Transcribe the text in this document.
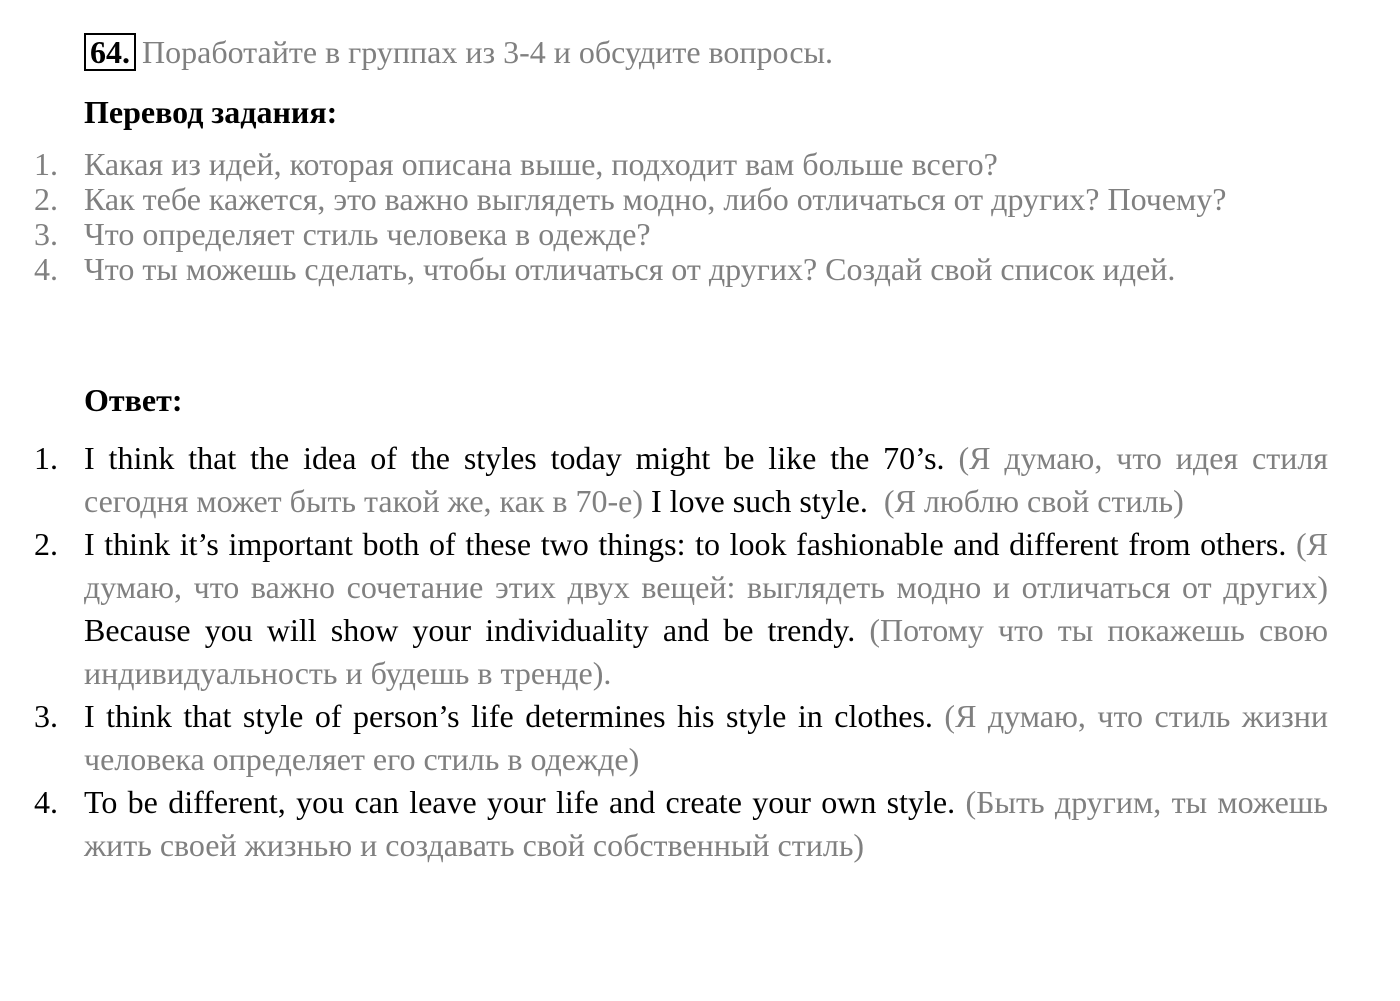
64. Поработайте в группах из 3-4 и обсудите вопросы.
Перевод задания:
1. Какая из идей, которая описана выше, подходит вам больше всего?
2. Как тебе кажется, это важно выглядеть модно, либо отличаться от других? Почему?
3. Что определяет стиль человека в одежде?
4. Что ты можешь сделать, чтобы отличаться от других? Создай свой список идей.
Ответ:
1. I think that the idea of the styles today might be like the 70’s. (Я думаю, что идея стиля сегодня может быть такой же, как в 70-е) I love such style. (Я люблю свой стиль)
2. I think it’s important both of these two things: to look fashionable and different from others. (Я думаю, что важно сочетание этих двух вещей: выглядеть модно и отличаться от других) Because you will show your individuality and be trendy. (Потому что ты покажешь свою индивидуальность и будешь в тренде).
3. I think that style of person’s life determines his style in clothes. (Я думаю, что стиль жизни человека определяет его стиль в одежде)
4. To be different, you can leave your life and create your own style. (Быть другим, ты можешь жить своей жизнью и создавать свой собственный стиль)
